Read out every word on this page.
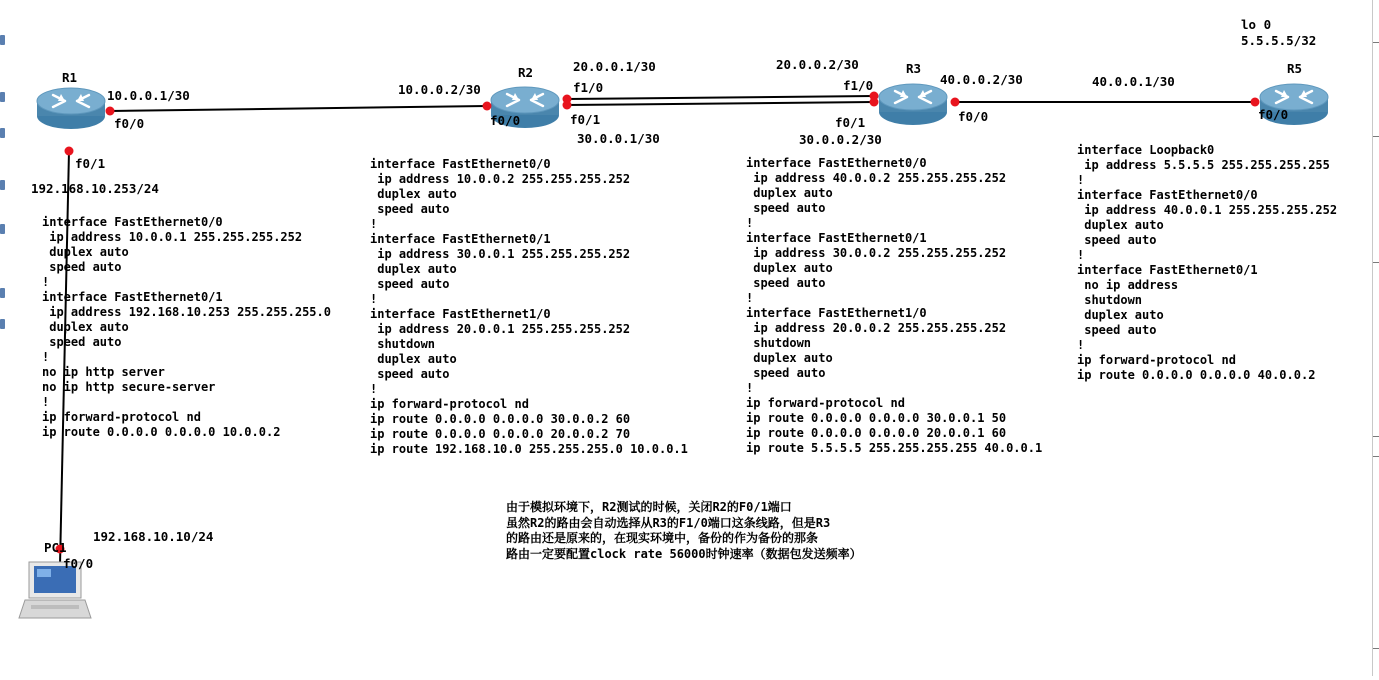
R1	R2	R3	R5
10.0.0.1/30
f0/0
f0/1
192.168.10.253/24
10.0.0.2/30
f0/0
20.0.0.1/30
f1/0
f0/1
30.0.0.1/30
20.0.0.2/30
f1/0
f0/1
30.0.0.2/30
40.0.0.2/30
f0/0
40.0.0.1/30
f0/0
lo 0
5.5.5.5/32
PC1
192.168.10.10/24
f0/0
interface FastEthernet0/0
ip address 10.0.0.1 255.255.255.252
duplex auto
speed auto
!
interface FastEthernet0/1
ip address 192.168.10.253 255.255.255.0
duplex auto
speed auto
!
no ip http server
no ip http secure-server
!
ip forward-protocol nd
ip route 0.0.0.0 0.0.0.0 10.0.0.2
interface FastEthernet0/0
ip address 10.0.0.2 255.255.255.252
duplex auto
speed auto
!
interface FastEthernet0/1
ip address 30.0.0.1 255.255.255.252
duplex auto
speed auto
!
interface FastEthernet1/0
ip address 20.0.0.1 255.255.255.252
shutdown
duplex auto
speed auto
!
ip forward-protocol nd
ip route 0.0.0.0 0.0.0.0 30.0.0.2 60
ip route 0.0.0.0 0.0.0.0 20.0.0.2 70
ip route 192.168.10.0 255.255.255.0 10.0.0.1
interface FastEthernet0/0
ip address 40.0.0.2 255.255.255.252
duplex auto
speed auto
!
interface FastEthernet0/1
ip address 30.0.0.2 255.255.255.252
duplex auto
speed auto
!
interface FastEthernet1/0
ip address 20.0.0.2 255.255.255.252
shutdown
duplex auto
speed auto
!
ip forward-protocol nd
ip route 0.0.0.0 0.0.0.0 30.0.0.1 50
ip route 0.0.0.0 0.0.0.0 20.0.0.1 60
ip route 5.5.5.5 255.255.255.255 40.0.0.1
interface Loopback0
ip address 5.5.5.5 255.255.255.255
!
interface FastEthernet0/0
ip address 40.0.0.1 255.255.255.252
duplex auto
speed auto
!
interface FastEthernet0/1
no ip address
shutdown
duplex auto
speed auto
!
ip forward-protocol nd
ip route 0.0.0.0 0.0.0.0 40.0.0.2
由于模拟环境下，R2测试的时候，关闭R2的F0/1端口
虽然R2的路由会自动选择从R3的F1/0端口这条线路，但是R3
的路由还是原来的，在现实环境中，备份的作为备份的那条
路由一定要配置clock rate 56000时钟速率（数据包发送频率）
